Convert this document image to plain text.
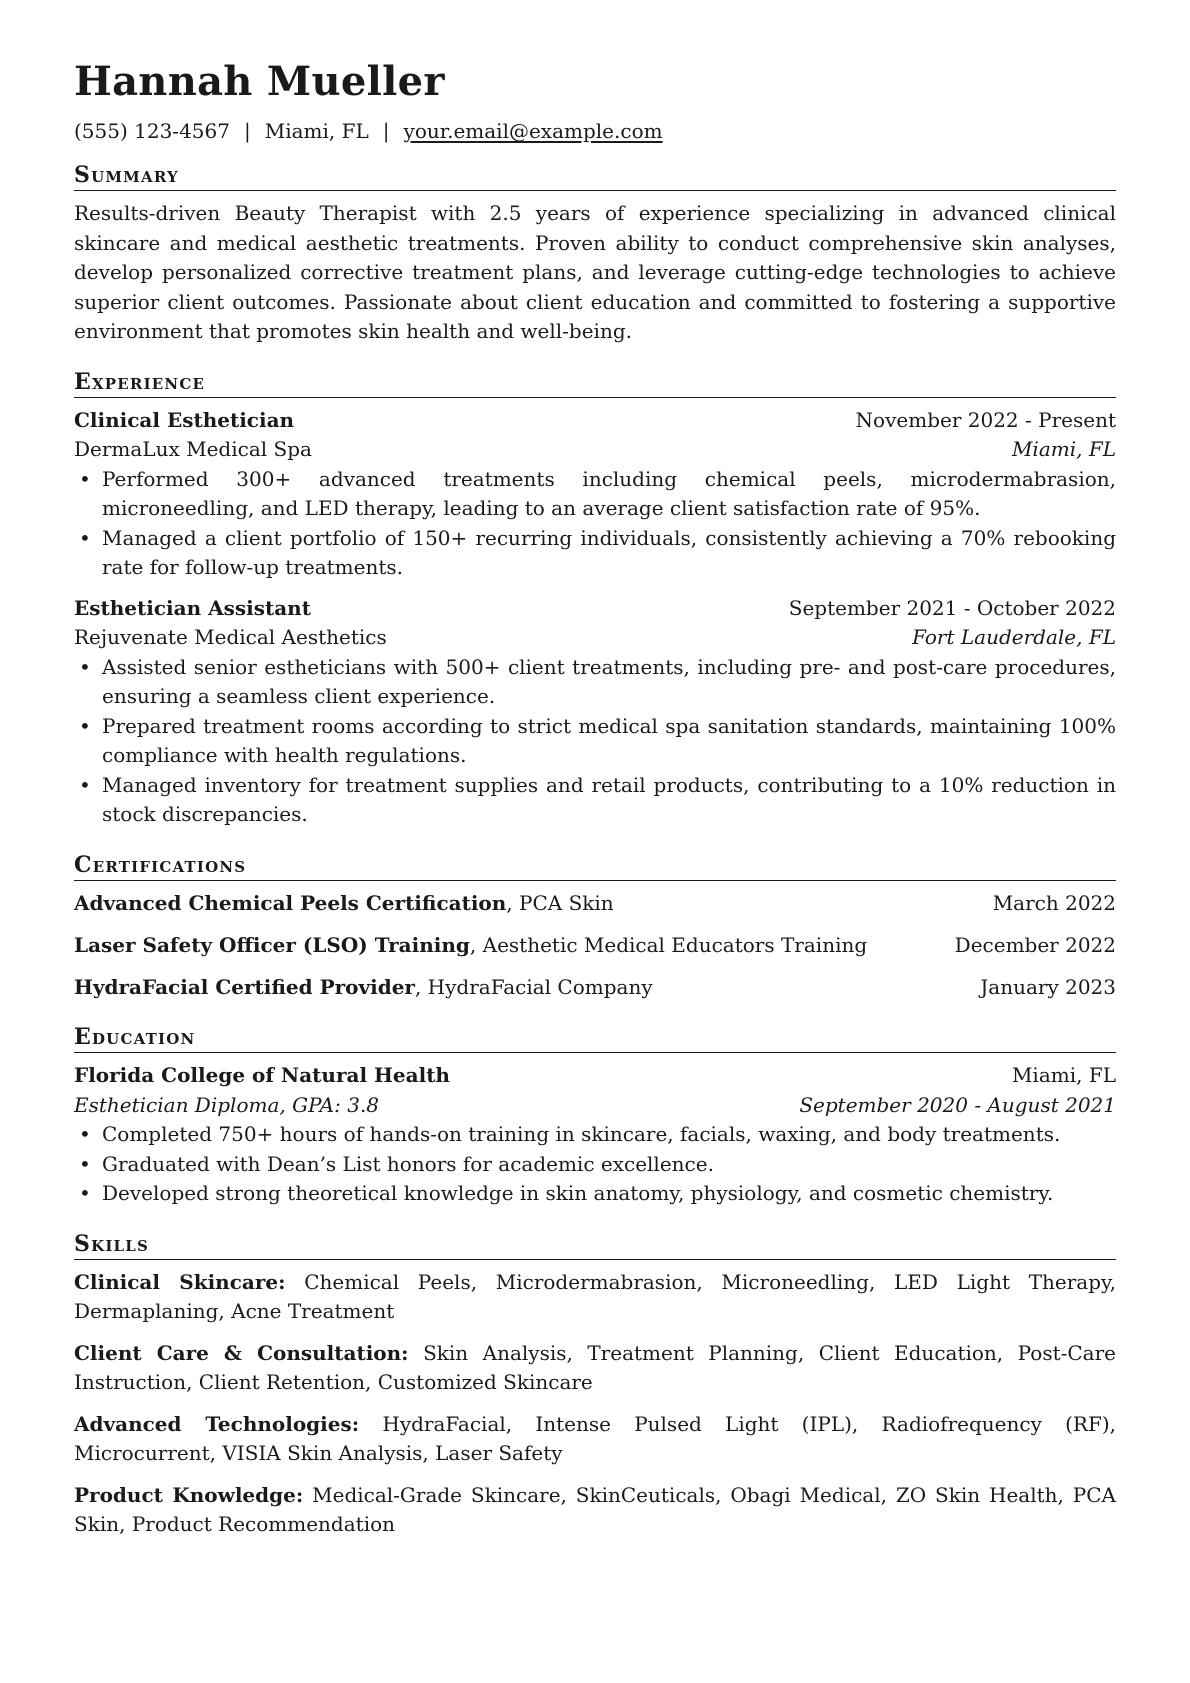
Hannah Mueller
(555) 123-4567 | Miami, FL | your.email@example.com
Summary

Results-driven Beauty Therapist with 2.5 years of experience specializing in advanced clinical skincare and medical aesthetic treatments. Proven ability to conduct comprehensive skin analyses, develop personalized corrective treatment plans, and leverage cutting-edge technologies to achieve superior client outcomes. Passionate about client education and committed to fostering a supportive environment that promotes skin health and well-being.

Experience
Clinical Esthetician	November 2022 - Present
DermaLux Medical Spa	Miami, FL
• Performed 300+ advanced treatments including chemical peels, microdermabrasion, microneedling, and LED therapy, leading to an average client satisfaction rate of 95%.
• Managed a client portfolio of 150+ recurring individuals, consistently achieving a 70% rebooking rate for follow-up treatments.
Esthetician Assistant	September 2021 - October 2022
Rejuvenate Medical Aesthetics	Fort Lauderdale, FL
• Assisted senior estheticians with 500+ client treatments, including pre- and post-care procedures, ensuring a seamless client experience.
• Prepared treatment rooms according to strict medical spa sanitation standards, maintaining 100% compliance with health regulations.
• Managed inventory for treatment supplies and retail products, contributing to a 10% reduction in stock discrepancies.
Certifications
Advanced Chemical Peels Certification, PCA Skin	March 2022
Laser Safety Officer (LSO) Training, Aesthetic Medical Educators Training	December 2022
HydraFacial Certified Provider, HydraFacial Company	January 2023
Education
Florida College of Natural Health	Miami, FL
Esthetician Diploma, GPA: 3.8	September 2020 - August 2021
• Completed 750+ hours of hands-on training in skincare, facials, waxing, and body treatments.
• Graduated with Dean’s List honors for academic excellence.
• Developed strong theoretical knowledge in skin anatomy, physiology, and cosmetic chemistry.
Skills
Clinical Skincare: Chemical Peels, Microdermabrasion, Microneedling, LED Light Therapy, Dermaplaning, Acne Treatment
Client Care & Consultation: Skin Analysis, Treatment Planning, Client Education, Post-Care Instruction, Client Retention, Customized Skincare
Advanced Technologies: HydraFacial, Intense Pulsed Light (IPL), Radiofrequency (RF), Microcurrent, VISIA Skin Analysis, Laser Safety
Product Knowledge: Medical-Grade Skincare, SkinCeuticals, Obagi Medical, ZO Skin Health, PCA Skin, Product Recommendation
